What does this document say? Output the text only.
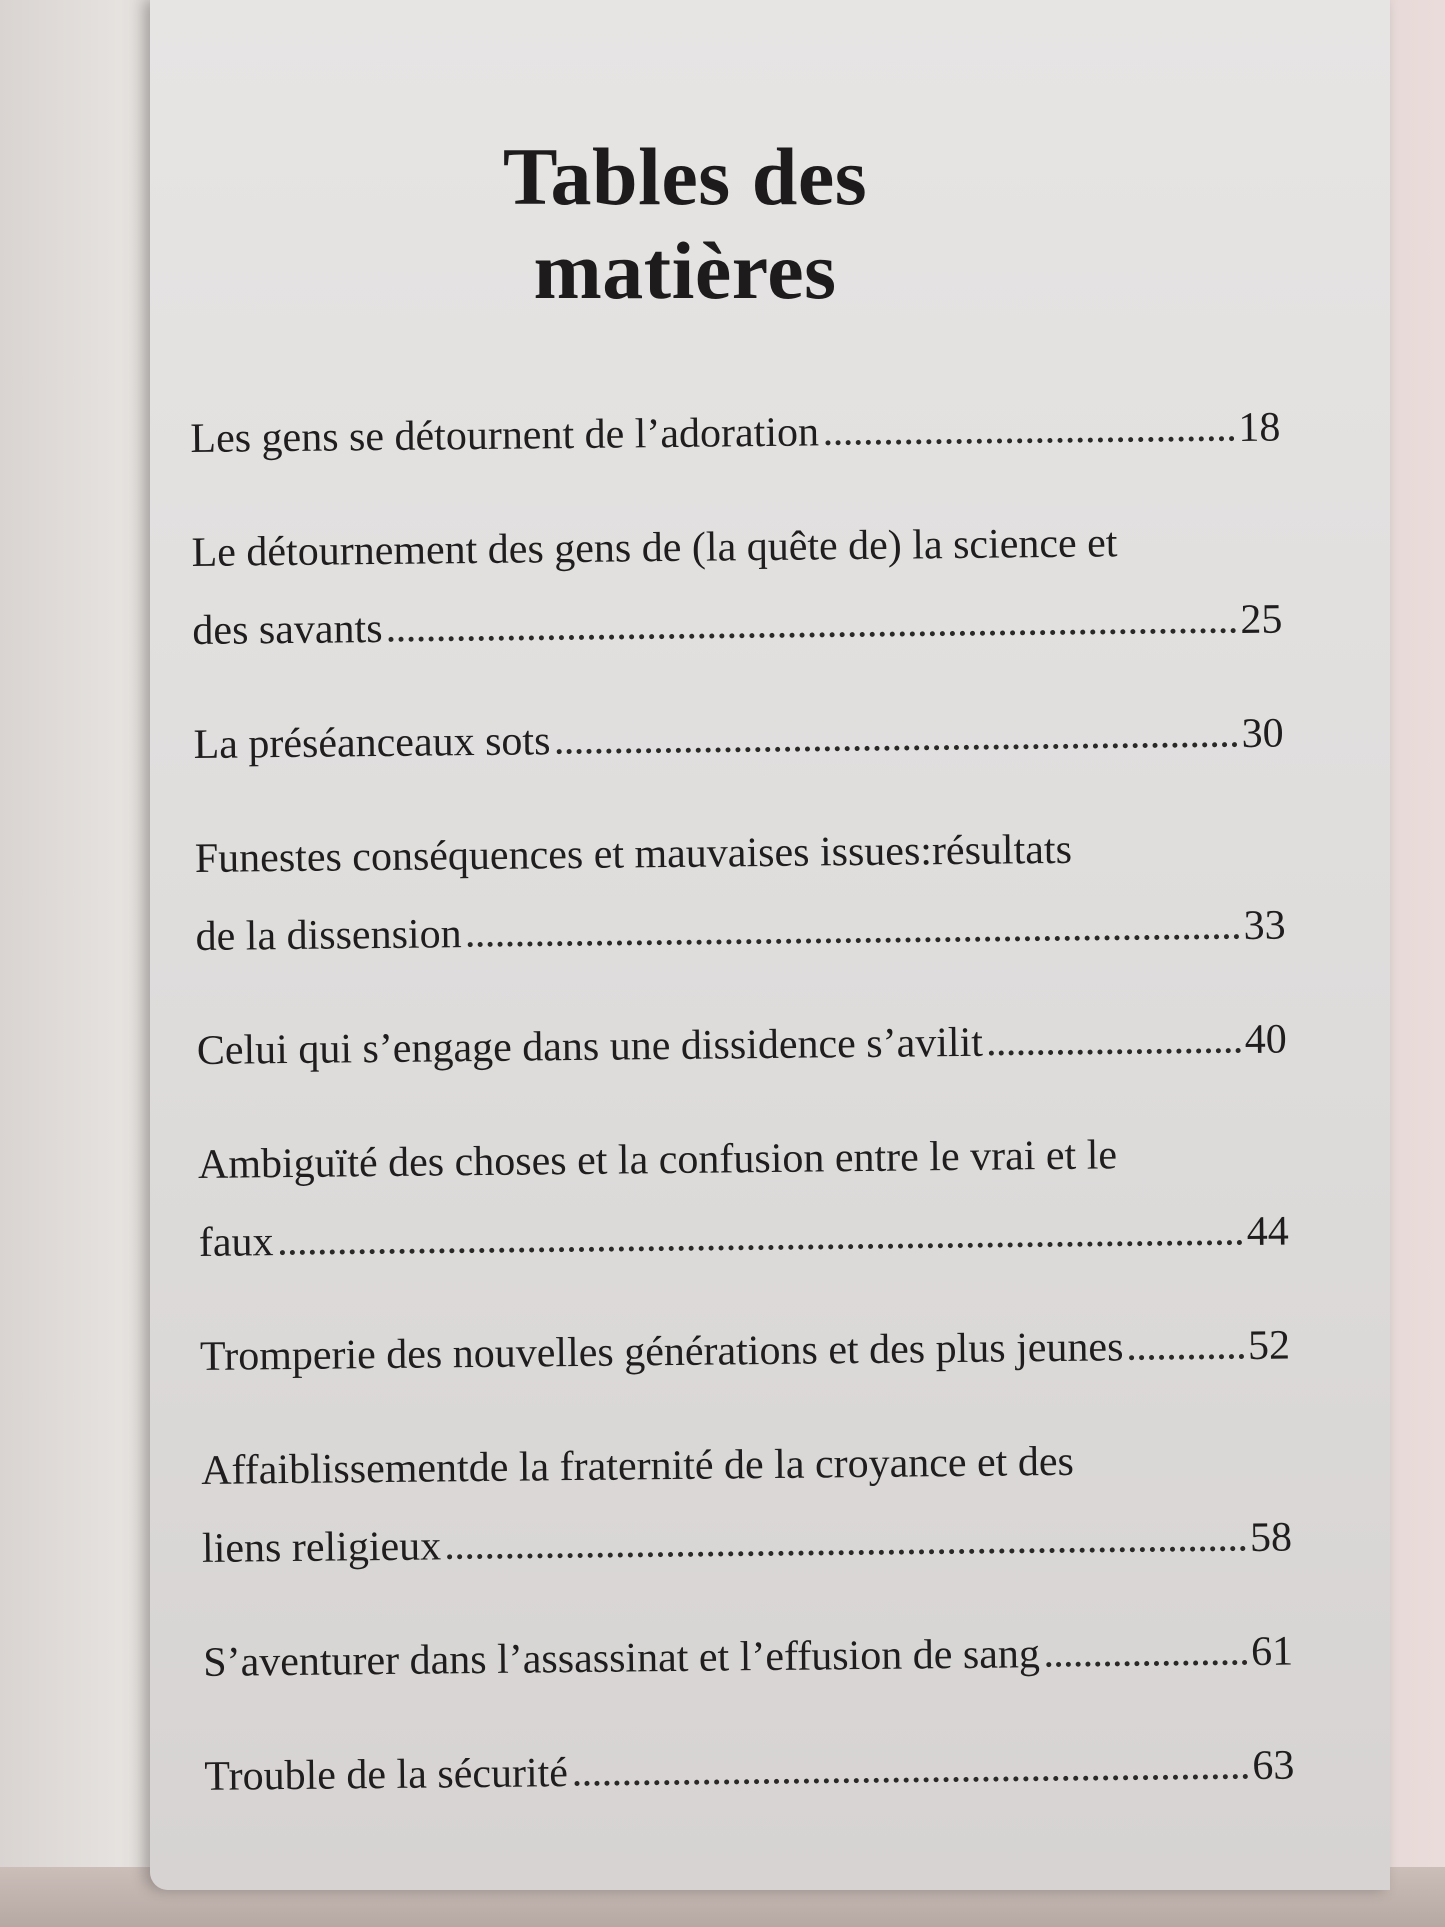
Tables des matières
Les gens se détournent de l’adoration	18
Le détournement des gens de (la quête de) la science et
des savants	25
La préséanceaux sots	30
Funestes conséquences et mauvaises issues:résultats
de la dissension	33
Celui qui s’engage dans une dissidence s’avilit	40
Ambiguïté des choses et la confusion entre le vrai et le
faux	44
Tromperie des nouvelles générations et des plus jeunes	52
Affaiblissementde la fraternité de la croyance et des
liens religieux	58
S’aventurer dans l’assassinat et l’effusion de sang	61
Trouble de la sécurité	63
